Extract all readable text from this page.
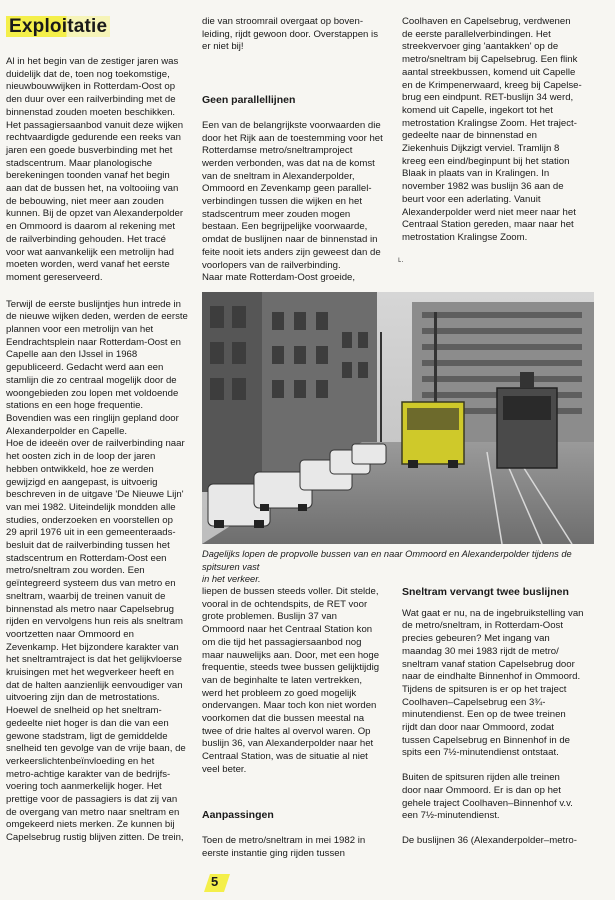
Exploitatie

Al in het begin van de zestiger jaren was
duidelijk dat de, toen nog toekomstige,
nieuwbouwwijken in Rotterdam-Oost op
den duur over een railverbinding met de
binnenstad zouden moeten beschikken.
Het passagiersaanbod vanuit deze wijken
rechtvaardigde gedurende een reeks van
jaren een goede busverbinding met het
stadscentrum. Maar planologische
berekeningen toonden vanaf het begin
aan dat de bussen het, na voltooiing van
de bebouwing, niet meer aan zouden
kunnen. Bij de opzet van Alexanderpolder
en Ommoord is daarom al rekening met
de railverbinding gehouden. Het tracé
voor wat aanvankelijk een metrolijn had
moeten worden, werd vanaf het eerste
moment gereserveerd.

Terwijl de eerste buslijntjes hun intrede in
de nieuwe wijken deden, werden de eerste
plannen voor een metrolijn van het
Eendrachtsplein naar Rotterdam-Oost en
Capelle aan den IJssel in 1968
gepubliceerd. Gedacht werd aan een
stamlijn die zo centraal mogelijk door de
woongebieden zou lopen met voldoende
stations en een hoge frequentie.
Bovendien was een ringlijn gepland door
Alexanderpolder en Capelle.
Hoe de ideeën over de railverbinding naar
het oosten zich in de loop der jaren
hebben ontwikkeld, hoe ze werden
gewijzigd en aangepast, is uitvoerig
beschreven in de uitgave 'De Nieuwe Lijn'
van mei 1982. Uiteindelijk mondden alle
studies, onderzoeken en voorstellen op
29 april 1976 uit in een gemeenteraads-
besluit dat de railverbinding tussen het
stadscentrum en Rotterdam-Oost een
metro/sneltram zou worden. Een
geïntegreerd systeem dus van metro en
sneltram, waarbij de treinen vanuit de
binnenstad als metro naar Capelsebrug
rijden en vervolgens hun reis als sneltram
voortzetten naar Ommoord en
Zevenkamp. Het bijzondere karakter van
het sneltramtraject is dat het gelijkvloerse
kruisingen met het wegverkeer heeft en
dat de halten aanzienlijk eenvoudiger van
uitvoering zijn dan de metrostations.
Hoewel de snelheid op het sneltram-
gedeelte niet hoger is dan die van een
gewone stadstram, ligt de gemiddelde
snelheid ten gevolge van de vrije baan, de
verkeerslichtenbeïnvloeding en het
metro-achtige karakter van de bedrijfs-
voering toch aanmerkelijk hoger. Het
prettige voor de passagiers is dat zij van
de overgang van metro naar sneltram en
omgekeerd niets merken. Ze kunnen bij
Capelsebrug rustig blijven zitten. De trein,

die van stroomrail overgaat op boven-
leiding, rijdt gewoon door. Overstappen is
er niet bij!

Geen parallellijnen

Een van de belangrijkste voorwaarden die
door het Rijk aan de toestemming voor het
Rotterdamse metro/sneltramproject
werden verbonden, was dat na de komst
van de sneltram in Alexanderpolder,
Ommoord en Zevenkamp geen parallel-
verbindingen tussen die wijken en het
stadscentrum meer zouden mogen
bestaan. Een begrijpelijke voorwaarde,
omdat de buslijnen naar de binnenstad in
feite nooit iets anders zijn geweest dan de
voorlopers van de railverbinding.
Naar mate Rotterdam-Oost groeide,

liepen de bussen steeds voller. Dit stelde,
vooral in de ochtendspits, de RET voor
grote problemen. Buslijn 37 van
Ommoord naar het Centraal Station kon
om die tijd het passagiersaanbod nog
maar nauwelijks aan. Door, met een hoge
frequentie, steeds twee bussen gelijktijdig
van de beginhalte te laten vertrekken,
werd het probleem zo goed mogelijk
ondervangen. Maar toch kon niet worden
voorkomen dat die bussen meestal na
twee of drie haltes al overvol waren. Op
buslijn 36, van Alexanderpolder naar het
Centraal Station, was de situatie al niet
veel beter.

Aanpassingen

Toen de metro/sneltram in mei 1982 in
eerste instantie ging rijden tussen

Coolhaven en Capelsebrug, verdwenen
de eerste parallelverbindingen. Het
streekvervoer ging 'aantakken' op de
metro/sneltram bij Capelsebrug. Een flink
aantal streekbussen, komend uit Capelle
en de Krimpenerwaard, kreeg bij Capelse-
brug een eindpunt. RET-buslijn 34 werd,
komend uit Capelle, ingekort tot het
metrostation Kralingse Zoom. Het traject-
gedeelte naar de binnenstad en
Ziekenhuis Dijkzigt verviel. Tramlijn 8
kreeg een eind/beginpunt bij het station
Blaak in plaats van in Kralingen. In
november 1982 was buslijn 36 aan de
beurt voor een aderlating. Vanuit
Alexanderpolder werd niet meer naar het
Centraal Station gereden, maar naar het
metrostation Kralingse Zoom.

Sneltram vervangt twee buslijnen

Wat gaat er nu, na de ingebruikstelling van
de metro/sneltram, in Rotterdam-Oost
precies gebeuren? Met ingang van
maandag 30 mei 1983 rijdt de metro/
sneltram vanaf station Capelsebrug door
naar de eindhalte Binnenhof in Ommoord.
Tijdens de spitsuren is er op het traject
Coolhaven–Capelsebrug een 3¾-
minutendienst. Een op de twee treinen
rijdt dan door naar Ommoord, zodat
tussen Capelsebrug en Binnenhof in de
spits een 7½-minutendienst ontstaat.

Buiten de spitsuren rijden alle treinen
door naar Ommoord. Er is dan op het
gehele traject Coolhaven–Binnenhof v.v.
een 7½-minutendienst.

De buslijnen 36 (Alexanderpolder–metro-

ʟ.

Dagelijks lopen de propvolle bussen van en naar Ommoord en Alexanderpolder tijdens de spitsuren vast
in het verkeer.

5
